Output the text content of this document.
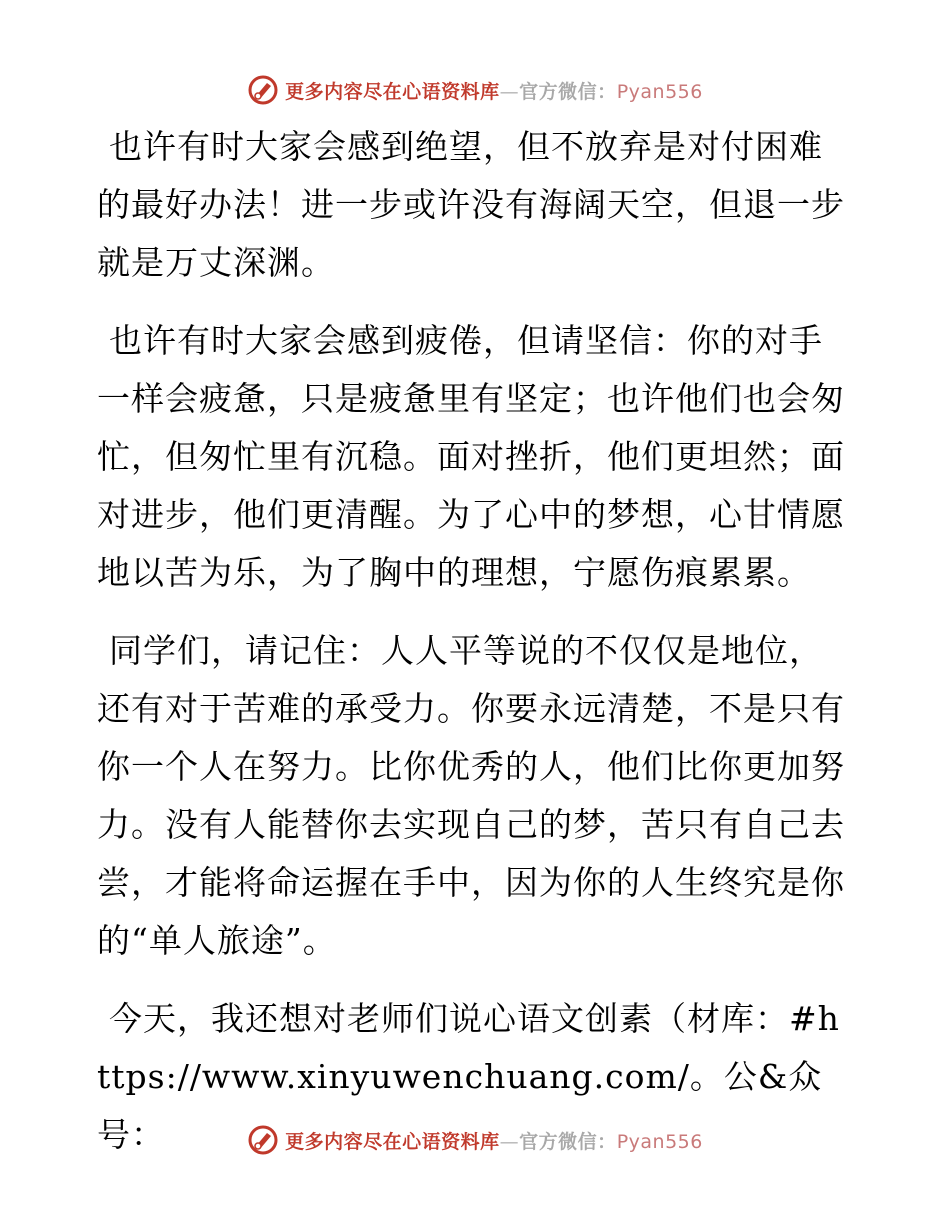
更多内容尽在心语资料库—官方微信：Pyan556

也许有时大家会感到绝望，但不放弃是对付困难的最好办法！进一步或许没有海阔天空，但退一步就是万丈深渊。

也许有时大家会感到疲倦，但请坚信：你的对手一样会疲惫，只是疲惫里有坚定；也许他们也会匆忙，但匆忙里有沉稳。面对挫折，他们更坦然；面对进步，他们更清醒。为了心中的梦想，心甘情愿地以苦为乐，为了胸中的理想，宁愿伤痕累累。

同学们，请记住：人人平等说的不仅仅是地位，还有对于苦难的承受力。你要永远清楚，不是只有你一个人在努力。比你优秀的人，他们比你更加努力。没有人能替你去实现自己的梦，苦只有自己去尝，才能将命运握在手中，因为你的人生终究是你的“单人旅途”。

今天，我还想对老师们说心语文创素（材库：#https://www.xinyuwenchuang.com/。公&众号：	更多内容尽在心语资料库—官方微信：Pyan556
